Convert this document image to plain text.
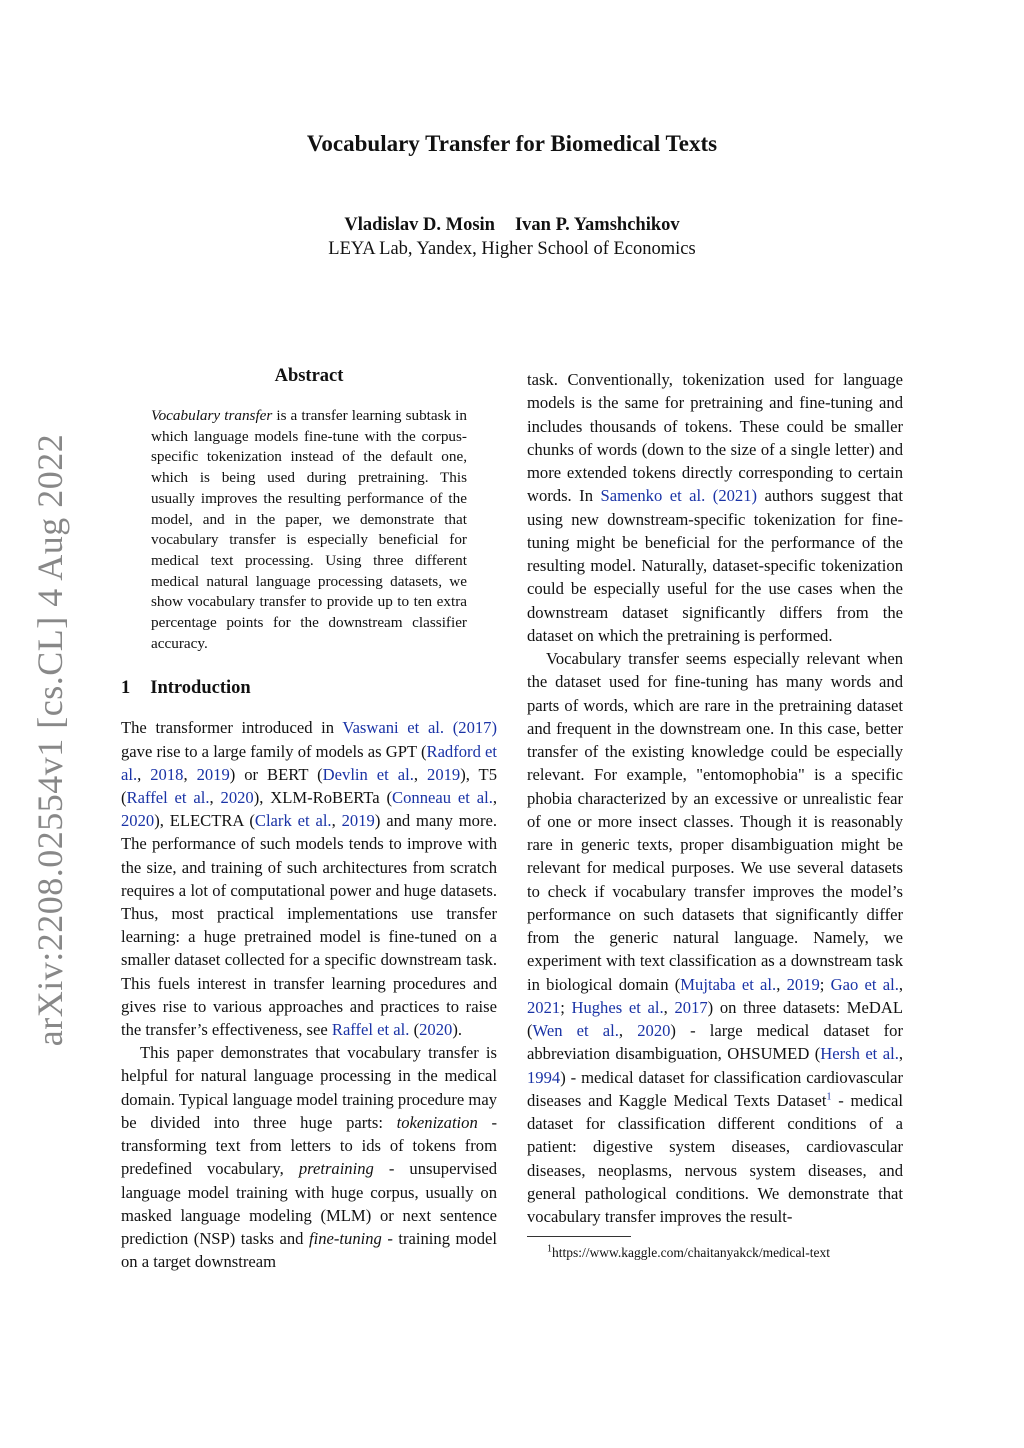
arXiv:2208.02554v1 [cs.CL] 4 Aug 2022
Vocabulary Transfer for Biomedical Texts
Vladislav D. Mosin Ivan P. Yamshchikov
LEYA Lab, Yandex, Higher School of Economics
Abstract

Vocabulary transfer is a transfer learning subtask in which language models fine-tune with the corpus-specific tokenization instead of the default one, which is being used during pretraining. This usually improves the resulting performance of the model, and in the paper, we demonstrate that vocabulary transfer is especially beneficial for medical text processing. Using three different medical natural language processing datasets, we show vocabulary transfer to provide up to ten extra percentage points for the downstream classifier accuracy.

1 Introduction

The transformer introduced in Vaswani et al. (2017) gave rise to a large family of models as GPT (Radford et al., 2018, 2019) or BERT (Devlin et al., 2019), T5 (Raffel et al., 2020), XLM-RoBERTa (Conneau et al., 2020), ELECTRA (Clark et al., 2019) and many more. The performance of such models tends to improve with the size, and training of such architectures from scratch requires a lot of computational power and huge datasets. Thus, most practical implementations use transfer learning: a huge pretrained model is fine-tuned on a smaller dataset collected for a specific downstream task. This fuels interest in transfer learning procedures and gives rise to various approaches and practices to raise the transfer’s effectiveness, see Raffel et al. (2020).

This paper demonstrates that vocabulary transfer is helpful for natural language processing in the medical domain. Typical language model training procedure may be divided into three huge parts: tokenization - transforming text from letters to ids of tokens from predefined vocabulary, pretraining - unsupervised language model training with huge corpus, usually on masked language modeling (MLM) or next sentence prediction (NSP) tasks and fine-tuning - training model on a target downstream

task. Conventionally, tokenization used for language models is the same for pretraining and fine-tuning and includes thousands of tokens. These could be smaller chunks of words (down to the size of a single letter) and more extended tokens directly corresponding to certain words. In Samenko et al. (2021) authors suggest that using new downstream-specific tokenization for fine-tuning might be beneficial for the performance of the resulting model. Naturally, dataset-specific tokenization could be especially useful for the use cases when the downstream dataset significantly differs from the dataset on which the pretraining is performed.

Vocabulary transfer seems especially relevant when the dataset used for fine-tuning has many words and parts of words, which are rare in the pretraining dataset and frequent in the downstream one. In this case, better transfer of the existing knowledge could be especially relevant. For example, "entomophobia" is a specific phobia characterized by an excessive or unrealistic fear of one or more insect classes. Though it is reasonably rare in generic texts, proper disambiguation might be relevant for medical purposes. We use several datasets to check if vocabulary transfer improves the model’s performance on such datasets that significantly differ from the generic natural language. Namely, we experiment with text classification as a downstream task in biological domain (Mujtaba et al., 2019; Gao et al., 2021; Hughes et al., 2017) on three datasets: MeDAL (Wen et al., 2020) - large medical dataset for abbreviation disambiguation, OHSUMED (Hersh et al., 1994) - medical dataset for classification cardiovascular diseases and Kaggle Medical Texts Dataset$^1$ - medical dataset for classification different conditions of a patient: digestive system diseases, cardiovascular diseases, neoplasms, nervous system diseases, and general pathological conditions. We demonstrate that vocabulary transfer improves the result-

$^1$https://www.kaggle.com/chaitanyakck/medical-text
